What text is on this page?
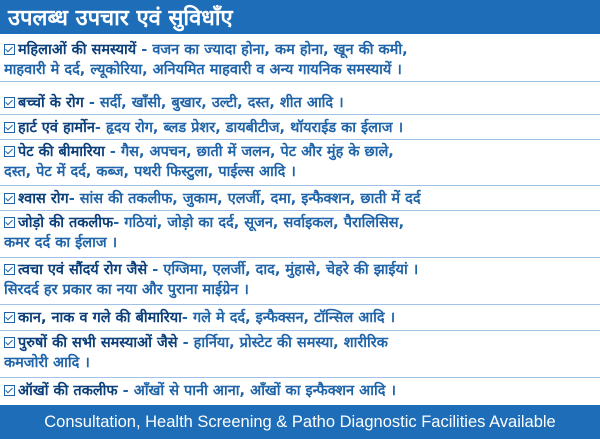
उपलब्ध उपचार एवं सुविधाँए
महिलाओं की समस्यायें - वजन का ज्यादा होना, कम होना, खून की कमी,
माहवारी मे दर्द, ल्यूकोरिया, अनियमित माहवारी व अन्य गायनिक समस्यायें ।
बच्चों के रोग - सर्दी, खाँसी, बुखार, उल्टी, दस्त, शीत आदि ।
हार्ट एवं हार्मोन- हृदय रोग, ब्लड प्रेशर, डायबीटीज, थॉयराईड का ईलाज ।
पेट की बीमारिया - गैस, अपचन, छाती में जलन, पेट और मुंह के छाले,
दस्त, पेट में दर्द, कब्ज, पथरी फिस्टुला, पाईल्स आदि ।
श्वास रोग- सांस की तकलीफ, जुकाम, एलर्जी, दमा, इन्फैक्शन, छाती में दर्द
जोड़ो की तकलीफ- गठियां, जोड़ो का दर्द, सूजन, सर्वाइकल, पैरालिसिस,
कमर दर्द का ईलाज ।
त्वचा एवं सौंदर्य रोग जैसे - एग्जिमा, एलर्जी, दाद, मुंहासे, चेहरे की झाईयां ।
सिरदर्द हर प्रकार का नया और पुराना माईग्रेन ।
कान, नाक व गले की बीमारिया- गले मे दर्द, इन्फैक्सन, टॉन्सिल आदि ।
पुरुषों की सभी समस्याओं जैसे - हार्निया, प्रोस्टेट की समस्या, शारीरिक
कमजोरी आदि ।
ऑखों की तकलीफ - आँखों से पानी आना, आँखों का इन्फैक्शन आदि ।
Consultation, Health Screening & Patho Diagnostic Facilities Available
